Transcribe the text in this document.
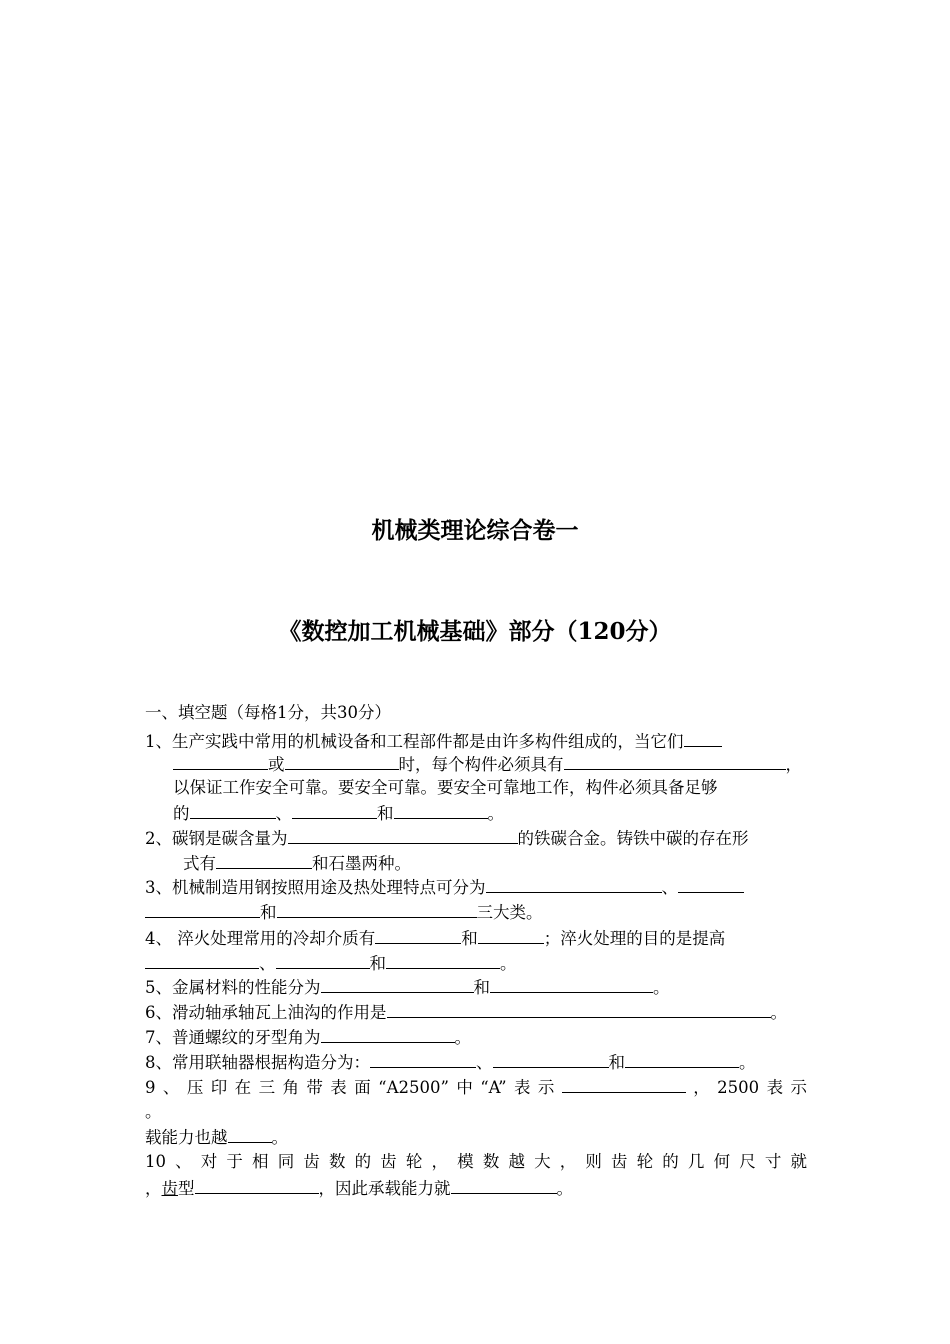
机械类理论综合卷一
《数控加工机械基础》部分（120分）
一、填空题（每格1分，共30分）
1、生产实践中常用的机械设备和工程部件都是由许多构件组成的，当它们
或	时，每个构件必须具有	，
以保证工作安全可靠。要安全可靠。要安全可靠地工作，构件必须具备足够
的	、	和	。
2、碳钢是碳含量为	的铁碳合金。铸铁中碳的存在形
式有	和石墨两种。
3、机械制造用钢按照用途及热处理特点可分为	、
和	三大类。
4、 淬火处理常用的冷却介质有	和	；淬火处理的目的是提高
、	和	。
5、金属材料的性能分为	和	。
6、滑动轴承轴瓦上油沟的作用是	。
7、普通螺纹的牙型角为	。
8、常用联轴器根据构造分为：	、	和	。
9、压印在三角带表面“A2500”中“A”表示	，2500表示
。
载能力也越	。
10、对于相同齿数的齿轮，模数越大，则齿轮的几何尺寸就
，齿型	，因此承载能力就	。
